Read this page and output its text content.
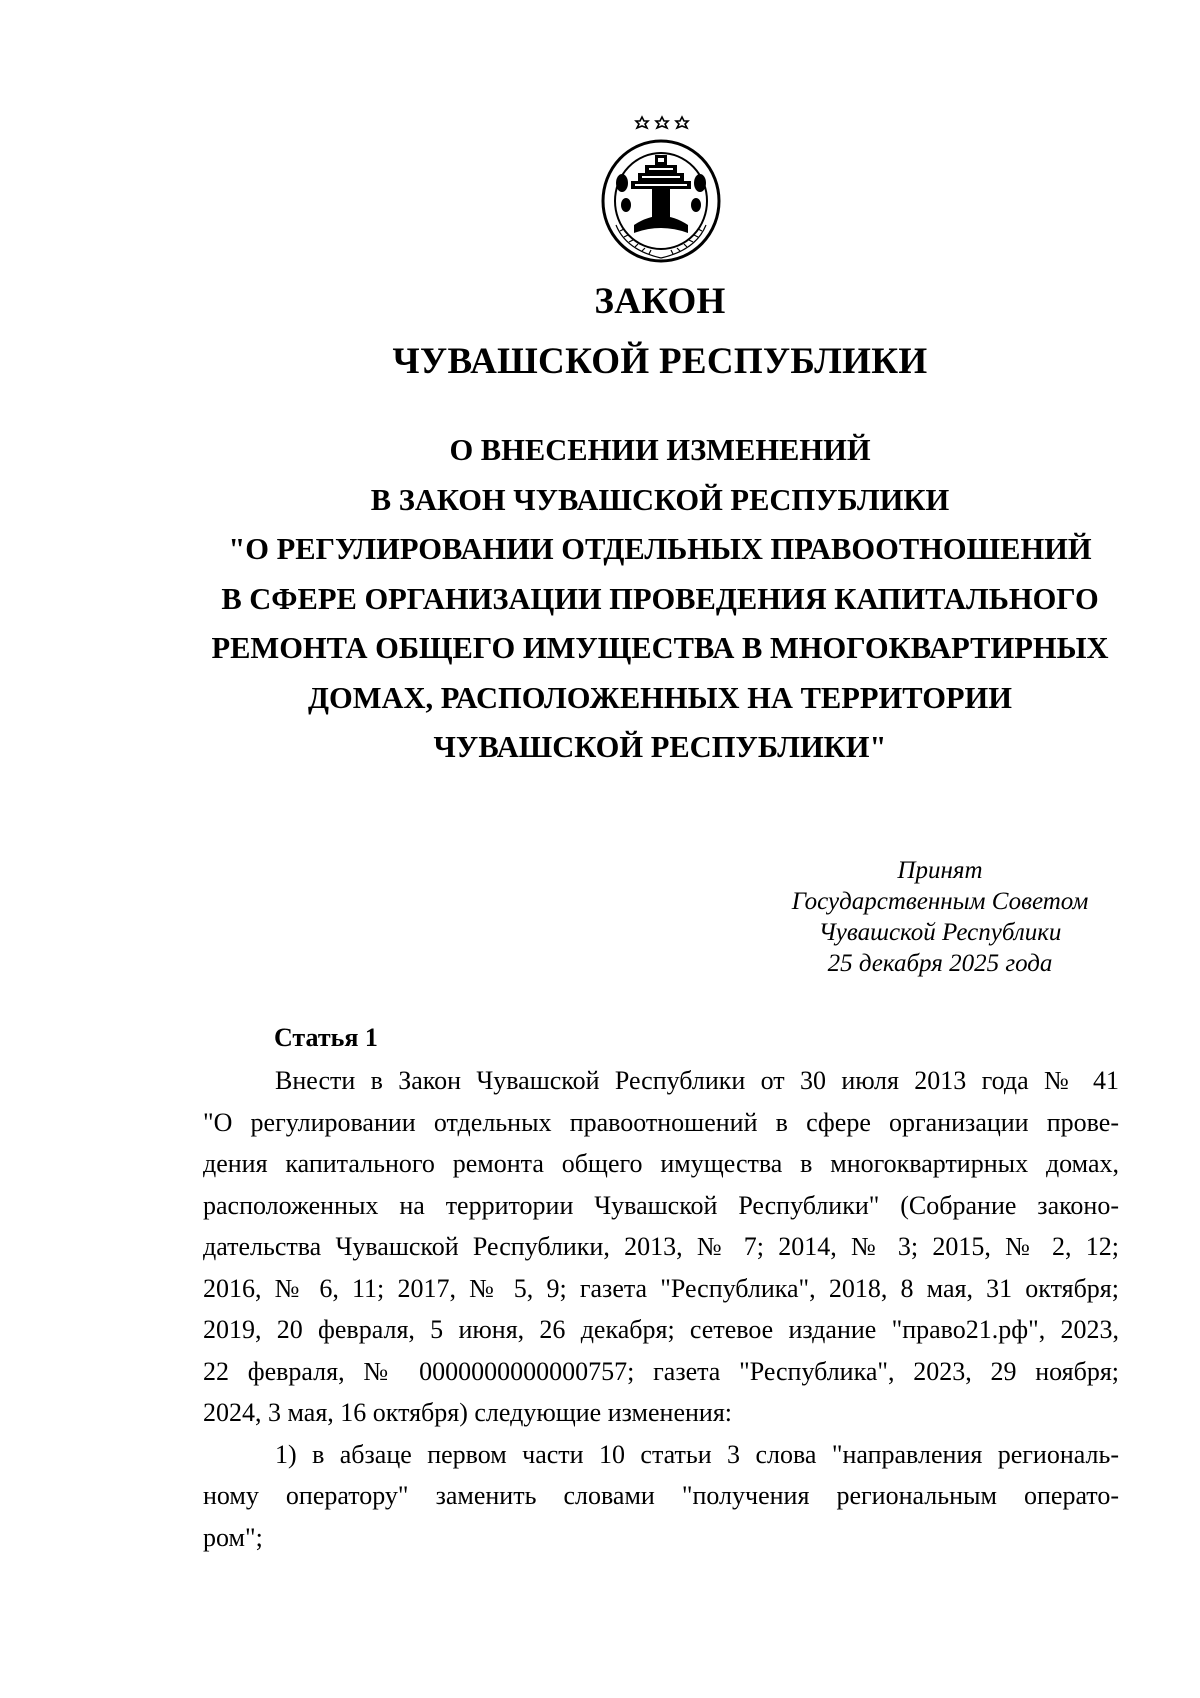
ЗАКОН
ЧУВАШСКОЙ РЕСПУБЛИКИ
О ВНЕСЕНИИ ИЗМЕНЕНИЙ
В ЗАКОН ЧУВАШСКОЙ РЕСПУБЛИКИ
"О РЕГУЛИРОВАНИИ ОТДЕЛЬНЫХ ПРАВООТНОШЕНИЙ
В СФЕРЕ ОРГАНИЗАЦИИ ПРОВЕДЕНИЯ КАПИТАЛЬНОГО
РЕМОНТА ОБЩЕГО ИМУЩЕСТВА В МНОГОКВАРТИРНЫХ
ДОМАХ, РАСПОЛОЖЕННЫХ НА ТЕРРИТОРИИ
ЧУВАШСКОЙ РЕСПУБЛИКИ"
Принят
Государственным Советом
Чувашской Республики
25 декабря 2025 года
Статья 1
Внести в Закон Чувашской Республики от 30 июля 2013 года № 41
"О регулировании отдельных правоотношений в сфере организации прове-
дения капитального ремонта общего имущества в многоквартирных домах,
расположенных на территории Чувашской Республики" (Собрание законо-
дательства Чувашской Республики, 2013, № 7; 2014, № 3; 2015, № 2, 12;
2016, № 6, 11; 2017, № 5, 9; газета "Республика", 2018, 8 мая, 31 октября;
2019, 20 февраля, 5 июня, 26 декабря; сетевое издание "право21.рф", 2023,
22 февраля, № 0000000000000757; газета "Республика", 2023, 29 ноября;
2024, 3 мая, 16 октября) следующие изменения:
1) в абзаце первом части 10 статьи 3 слова "направления региональ-
ному оператору" заменить словами "получения региональным операто-
ром";
